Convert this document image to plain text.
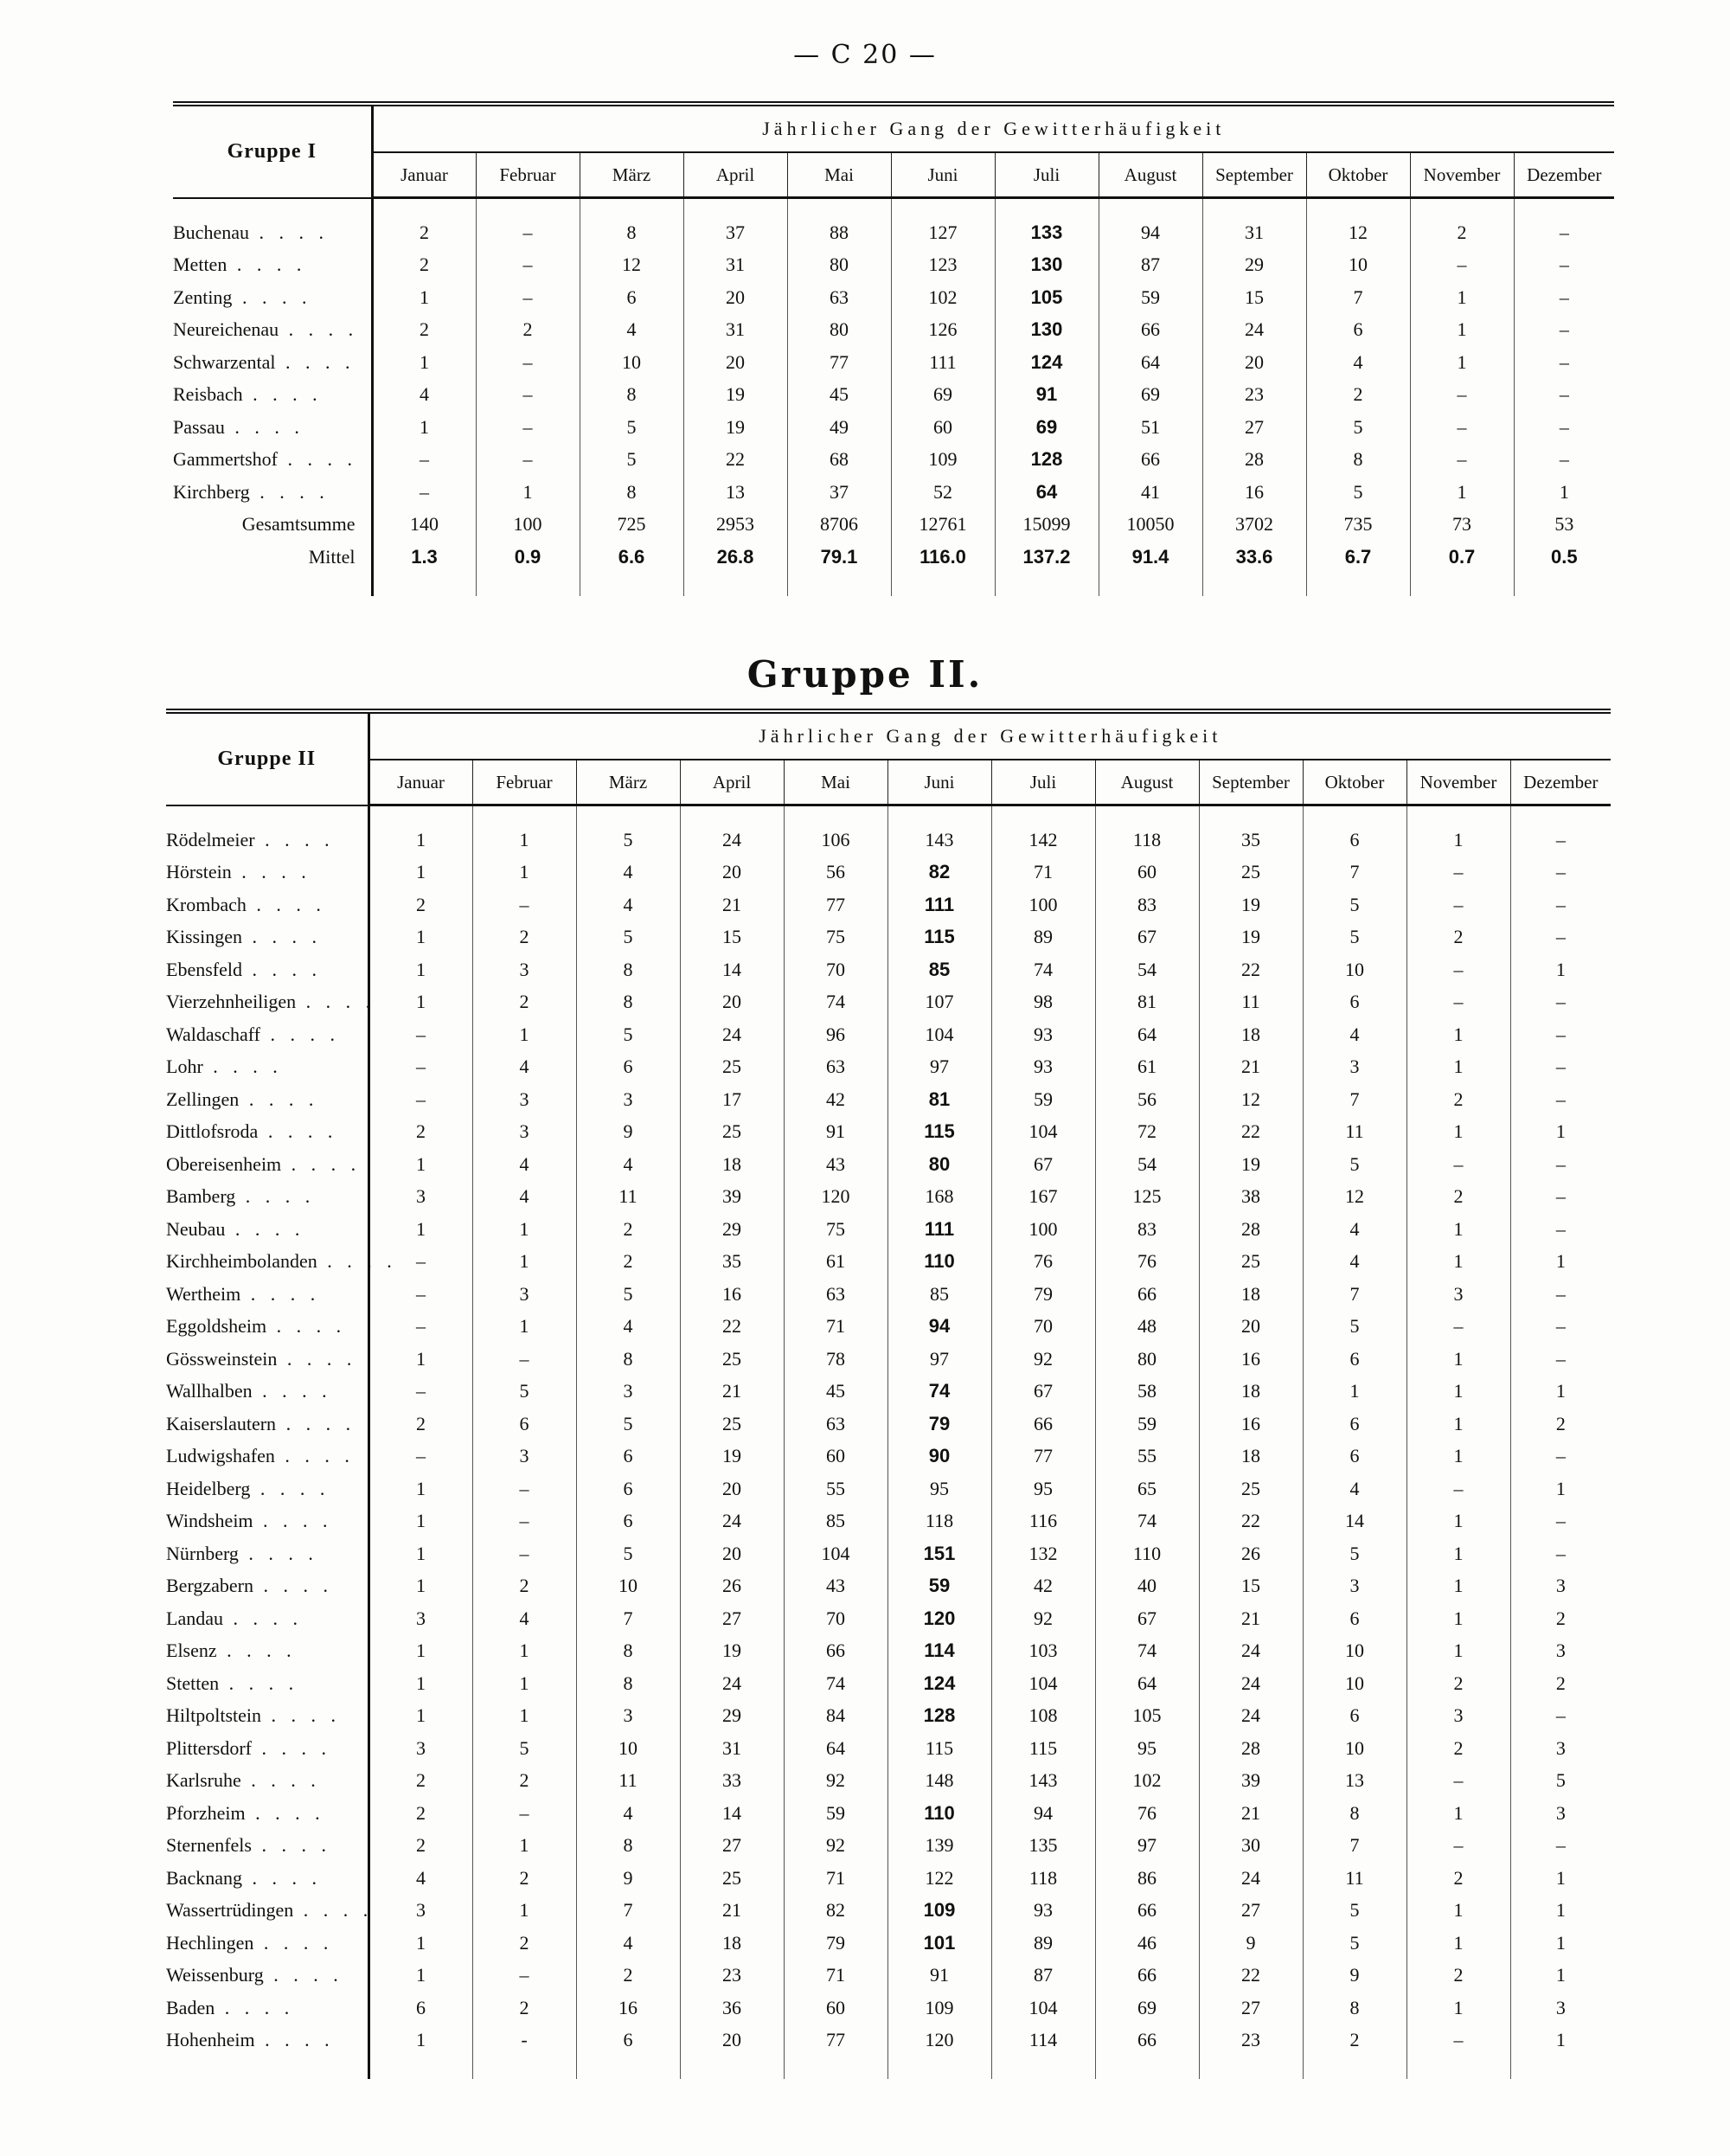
— C 20 —
Gruppe I	Jährlicher Gang der Gewitterhäufigkeit											
	Januar	Februar	März	April	Mai	Juni	Juli	August	September	Oktober	November	Dezember

Buchenau . . . .	2	–	8	37	88	127	133	94	31	12	2	–
Metten . . . .	2	–	12	31	80	123	130	87	29	10	–	–
Zenting . . . .	1	–	6	20	63	102	105	59	15	7	1	–
Neureichenau . . . .	2	2	4	31	80	126	130	66	24	6	1	–
Schwarzental . . . .	1	–	10	20	77	111	124	64	20	4	1	–
Reisbach . . . .	4	–	8	19	45	69	91	69	23	2	–	–
Passau . . . .	1	–	5	19	49	60	69	51	27	5	–	–
Gammertshof . . . .	–	–	5	22	68	109	128	66	28	8	–	–
Kirchberg . . . .	–	1	8	13	37	52	64	41	16	5	1	1
Gesamtsumme	140	100	725	2953	8706	12761	15099	10050	3702	735	73	53
Mittel	1.3	0.9	6.6	26.8	79.1	116.0	137.2	91.4	33.6	6.7	0.7	0.5

Gruppe II.
Gruppe II	Jährlicher Gang der Gewitterhäufigkeit											
	Januar	Februar	März	April	Mai	Juni	Juli	August	September	Oktober	November	Dezember

Rödelmeier . . . .	1	1	5	24	106	143	142	118	35	6	1	–
Hörstein . . . .	1	1	4	20	56	82	71	60	25	7	–	–
Krombach . . . .	2	–	4	21	77	111	100	83	19	5	–	–
Kissingen . . . .	1	2	5	15	75	115	89	67	19	5	2	–
Ebensfeld . . . .	1	3	8	14	70	85	74	54	22	10	–	1
Vierzehnheiligen . . . .	1	2	8	20	74	107	98	81	11	6	–	–
Waldaschaff . . . .	–	1	5	24	96	104	93	64	18	4	1	–
Lohr . . . .	–	4	6	25	63	97	93	61	21	3	1	–
Zellingen . . . .	–	3	3	17	42	81	59	56	12	7	2	–
Dittlofsroda . . . .	2	3	9	25	91	115	104	72	22	11	1	1
Obereisenheim . . . .	1	4	4	18	43	80	67	54	19	5	–	–
Bamberg . . . .	3	4	11	39	120	168	167	125	38	12	2	–
Neubau . . . .	1	1	2	29	75	111	100	83	28	4	1	–
Kirchheimbolanden . . . .	–	1	2	35	61	110	76	76	25	4	1	1
Wertheim . . . .	–	3	5	16	63	85	79	66	18	7	3	–
Eggoldsheim . . . .	–	1	4	22	71	94	70	48	20	5	–	–
Gössweinstein . . . .	1	–	8	25	78	97	92	80	16	6	1	–
Wallhalben . . . .	–	5	3	21	45	74	67	58	18	1	1	1
Kaiserslautern . . . .	2	6	5	25	63	79	66	59	16	6	1	2
Ludwigshafen . . . .	–	3	6	19	60	90	77	55	18	6	1	–
Heidelberg . . . .	1	–	6	20	55	95	95	65	25	4	–	1
Windsheim . . . .	1	–	6	24	85	118	116	74	22	14	1	–
Nürnberg . . . .	1	–	5	20	104	151	132	110	26	5	1	–
Bergzabern . . . .	1	2	10	26	43	59	42	40	15	3	1	3
Landau . . . .	3	4	7	27	70	120	92	67	21	6	1	2
Elsenz . . . .	1	1	8	19	66	114	103	74	24	10	1	3
Stetten . . . .	1	1	8	24	74	124	104	64	24	10	2	2
Hiltpoltstein . . . .	1	1	3	29	84	128	108	105	24	6	3	–
Plittersdorf . . . .	3	5	10	31	64	115	115	95	28	10	2	3
Karlsruhe . . . .	2	2	11	33	92	148	143	102	39	13	–	5
Pforzheim . . . .	2	–	4	14	59	110	94	76	21	8	1	3
Sternenfels . . . .	2	1	8	27	92	139	135	97	30	7	–	–
Backnang . . . .	4	2	9	25	71	122	118	86	24	11	2	1
Wassertrüdingen . . . .	3	1	7	21	82	109	93	66	27	5	1	1
Hechlingen . . . .	1	2	4	18	79	101	89	46	9	5	1	1
Weissenburg . . . .	1	–	2	23	71	91	87	66	22	9	2	1
Baden . . . .	6	2	16	36	60	109	104	69	27	8	1	3
Hohenheim . . . .	1	-	6	20	77	120	114	66	23	2	–	1
